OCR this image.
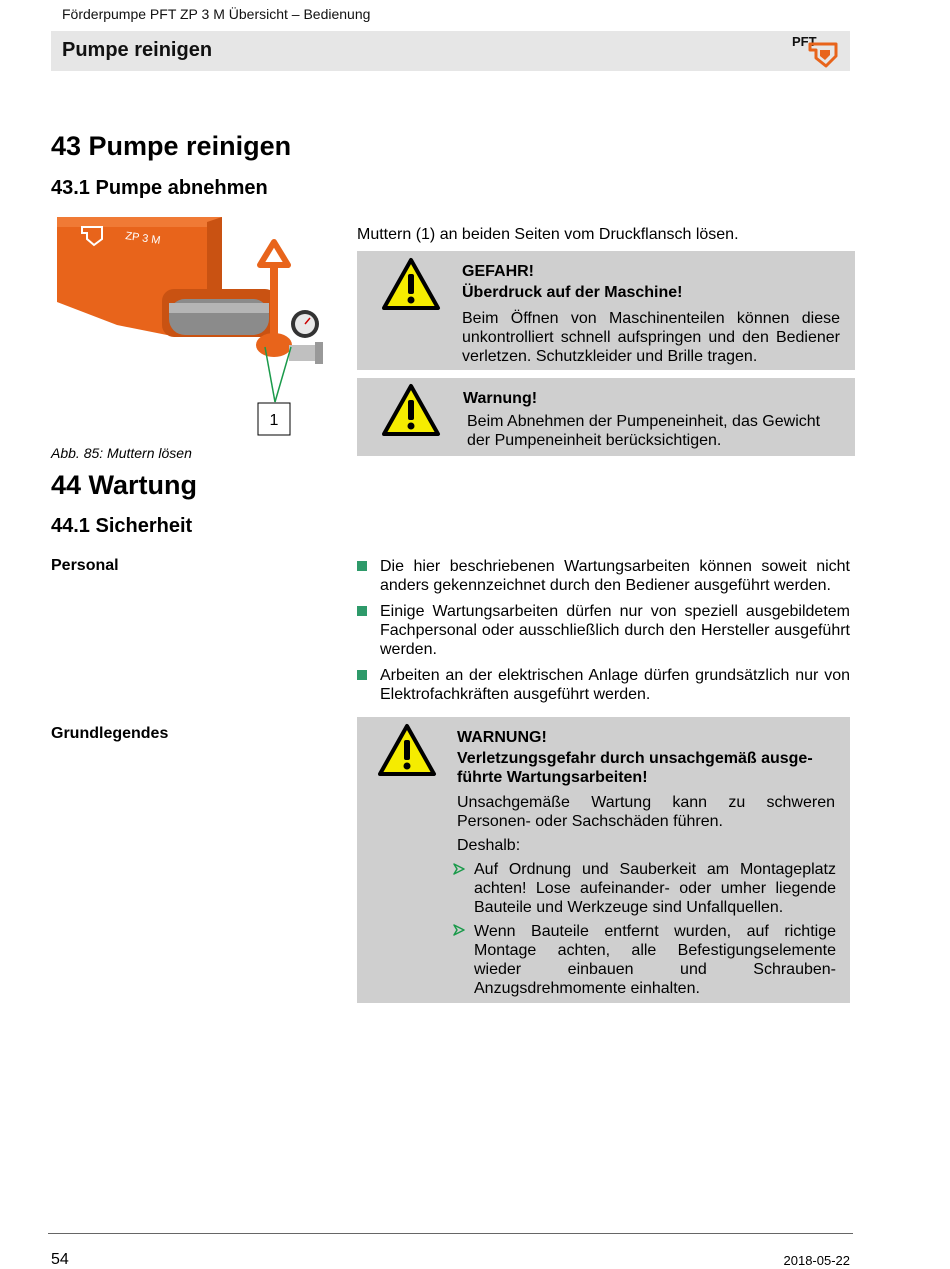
Förderpumpe PFT ZP 3 M Übersicht – Bedienung
Pumpe reinigen	PFT
43 Pumpe reinigen
43.1 Pumpe abnehmen
ZP 3 M
1
Abb. 85: Muttern lösen
Muttern (1) an beiden Seiten vom Druckflansch lösen.
GEFAHR!
Überdruck auf der Maschine!
Beim Öffnen von Maschinenteilen können diese unkontrolliert schnell aufspringen und den Bediener verletzen. Schutzkleider und Brille tragen.
Warnung!
Beim Abnehmen der Pumpeneinheit, das Gewicht der Pumpeneinheit berücksichtigen.
44 Wartung
44.1 Sicherheit
Personal	Die hier beschriebenen Wartungsarbeiten können soweit nicht anders gekennzeichnet durch den Bediener ausgeführt werden.
Einige Wartungsarbeiten dürfen nur von speziell ausgebildetem Fachpersonal oder ausschließlich durch den Hersteller ausgeführt werden.
Arbeiten an der elektrischen Anlage dürfen grundsätzlich nur von Elektrofachkräften ausgeführt werden.
Grundlegendes	WARNUNG!
Verletzungsgefahr durch unsachgemäß ausge-führte Wartungsarbeiten!
Unsachgemäße Wartung kann zu schweren Personen- oder Sachschäden führen.
Deshalb:
Auf Ordnung und Sauberkeit am Montageplatz achten! Lose aufeinander- oder umher liegende Bauteile und Werkzeuge sind Unfallquellen.
Wenn Bauteile entfernt wurden, auf richtige Montage achten, alle Befestigungselemente wieder einbauen und Schrauben-Anzugsdrehmomente einhalten.
54	2018-05-22
